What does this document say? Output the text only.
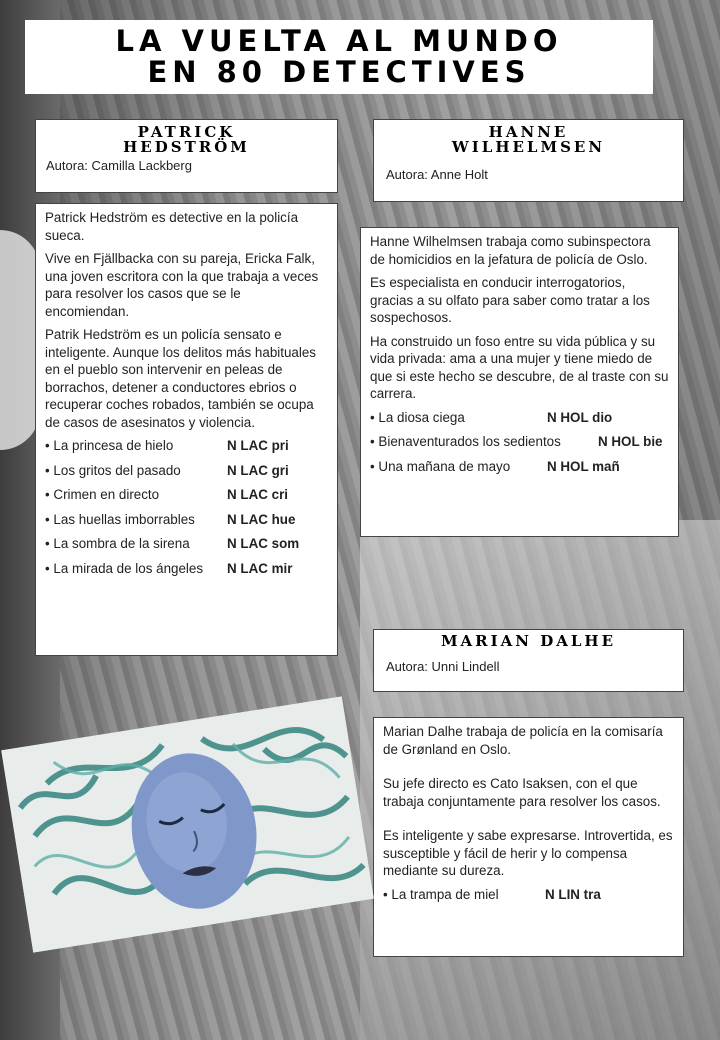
LA VUELTA AL MUNDO
EN 80 DETECTIVES
PATRICK HEDSTRÖM
Autora: Camilla Lackberg

Patrick Hedström es detective en la policía sueca.

Vive en Fjällbacka con su pareja, Ericka Falk, una joven escritora con la que trabaja a veces para resolver los casos que se le encomiendan.

Patrik Hedström es un policía sensato e inteligente. Aunque los delitos más habituales en el pueblo son intervenir en peleas de borrachos, detener a conductores ebrios o recuperar coches robados, también se ocupa de casos de asesinatos y violencia.

• La princesa de hielo	N LAC pri
• Los gritos del pasado	N LAC gri
• Crimen en directo	N LAC cri
• Las huellas imborrables	N LAC hue
• La sombra de la sirena	N LAC som
• La mirada de los ángeles	N LAC mir
HANNE WILHELMSEN
Autora: Anne Holt

Hanne Wilhelmsen trabaja como subinspectora de homicidios en la jefatura de policía de Oslo.

Es especialista en conducir interrogatorios, gracias a su olfato para saber como tratar a los sospechosos.

Ha construido un foso entre su vida pública y su vida privada: ama a una mujer y tiene miedo de que si este hecho se descubre, de al traste con su carrera.

• La diosa ciega	N HOL dio
• Bienaventurados los sedientos	N HOL bie
• Una mañana de mayo	N HOL mañ
MARIAN DALHE
Autora: Unni Lindell

Marian Dalhe trabaja de policía en la comisaría de Grønland en Oslo.

Su jefe directo es Cato Isaksen, con el que trabaja conjuntamente para resolver los casos.

Es inteligente y sabe expresarse. Introvertida, es susceptible y fácil de herir y lo compensa mediante su dureza.

• La trampa de miel	N LIN tra
